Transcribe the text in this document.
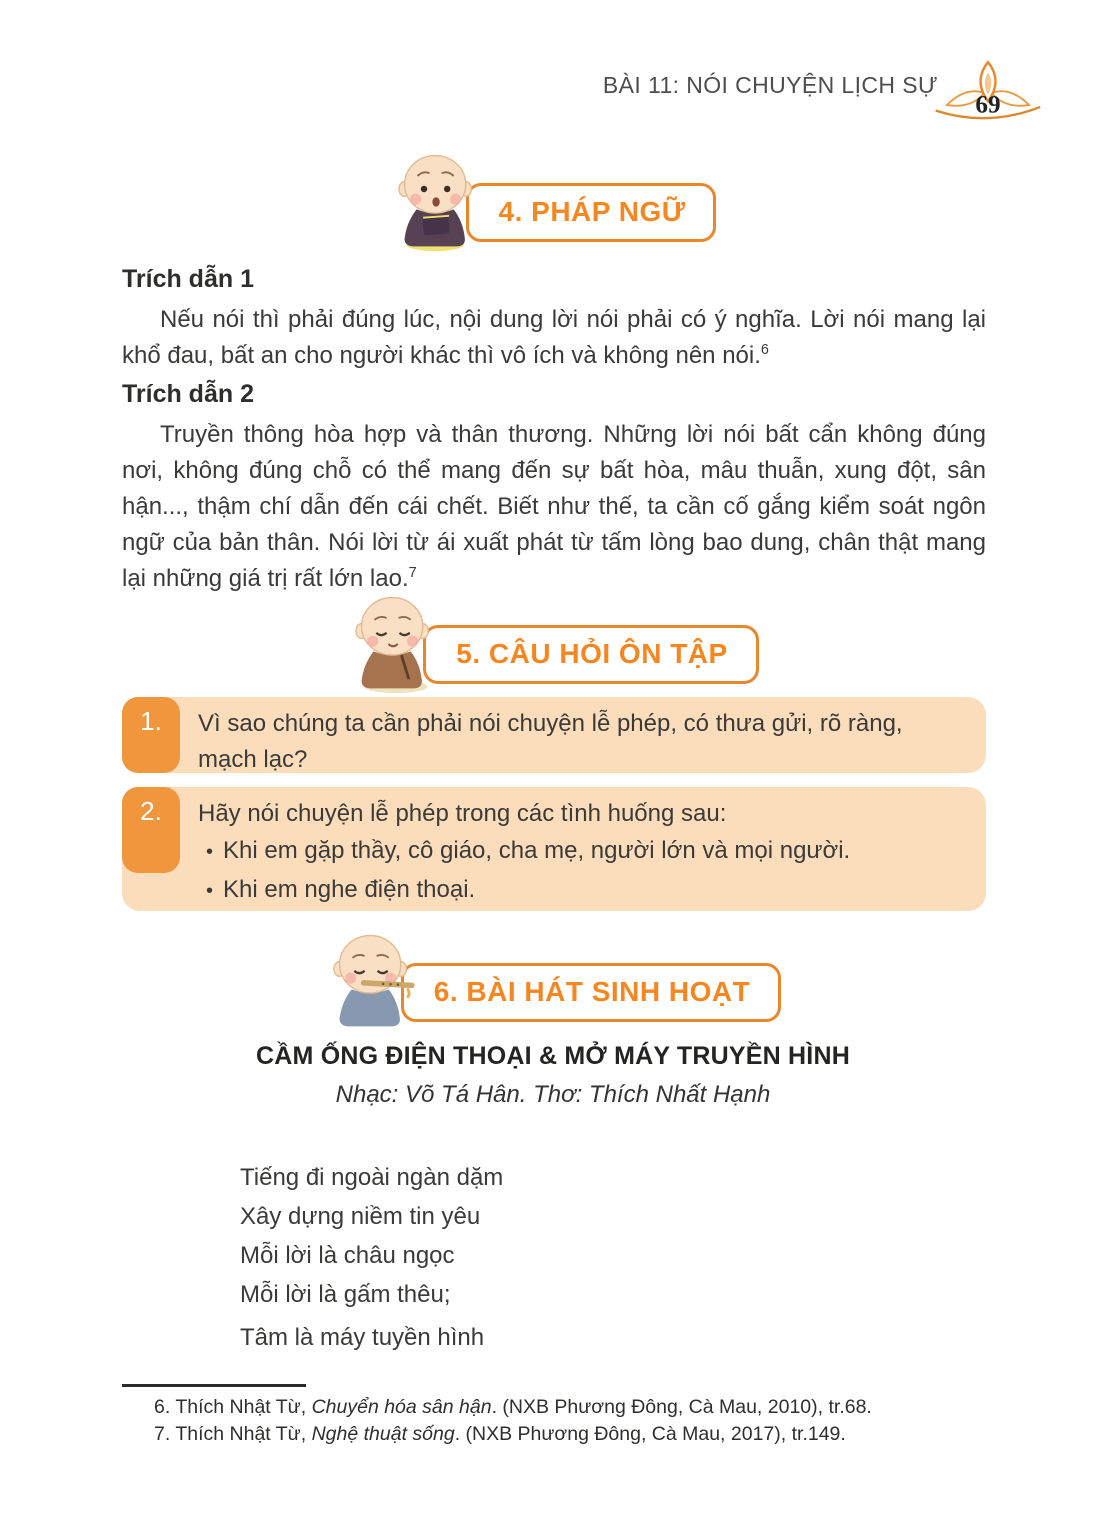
BÀI 11: NÓI CHUYỆN LỊCH SỰ
69
4. PHÁP NGỮ
Trích dẫn 1

Nếu nói thì phải đúng lúc, nội dung lời nói phải có ý nghĩa. Lời nói mang lại khổ đau, bất an cho người khác thì vô ích và không nên nói.$^6$

Trích dẫn 2

Truyền thông hòa hợp và thân thương. Những lời nói bất cẩn không đúng nơi, không đúng chỗ có thể mang đến sự bất hòa, mâu thuẫn, xung đột, sân hận..., thậm chí dẫn đến cái chết. Biết như thế, ta cần cố gắng kiểm soát ngôn ngữ của bản thân. Nói lời từ ái xuất phát từ tấm lòng bao dung, chân thật mang lại những giá trị rất lớn lao.$^7$

5. CÂU HỎI ÔN TẬP
1.	Vì sao chúng ta cần phải nói chuyện lễ phép, có thưa gửi, rõ ràng, mạch lạc?
2.	Hãy nói chuyện lễ phép trong các tình huống sau:
• Khi em gặp thầy, cô giáo, cha mẹ, người lớn và mọi người.
• Khi em nghe điện thoại.
6. BÀI HÁT SINH HOẠT
CẦM ỐNG ĐIỆN THOẠI & MỞ MÁY TRUYỀN HÌNH
Nhạc: Võ Tá Hân. Thơ: Thích Nhất Hạnh
Tiếng đi ngoài ngàn dặm
Xây dựng niềm tin yêu
Mỗi lời là châu ngọc
Mỗi lời là gấm thêu;
Tâm là máy tuyền hình
6. Thích Nhật Từ, Chuyển hóa sân hận. (NXB Phương Đông, Cà Mau, 2010), tr.68.
7. Thích Nhật Từ, Nghệ thuật sống. (NXB Phương Đông, Cà Mau, 2017), tr.149.
